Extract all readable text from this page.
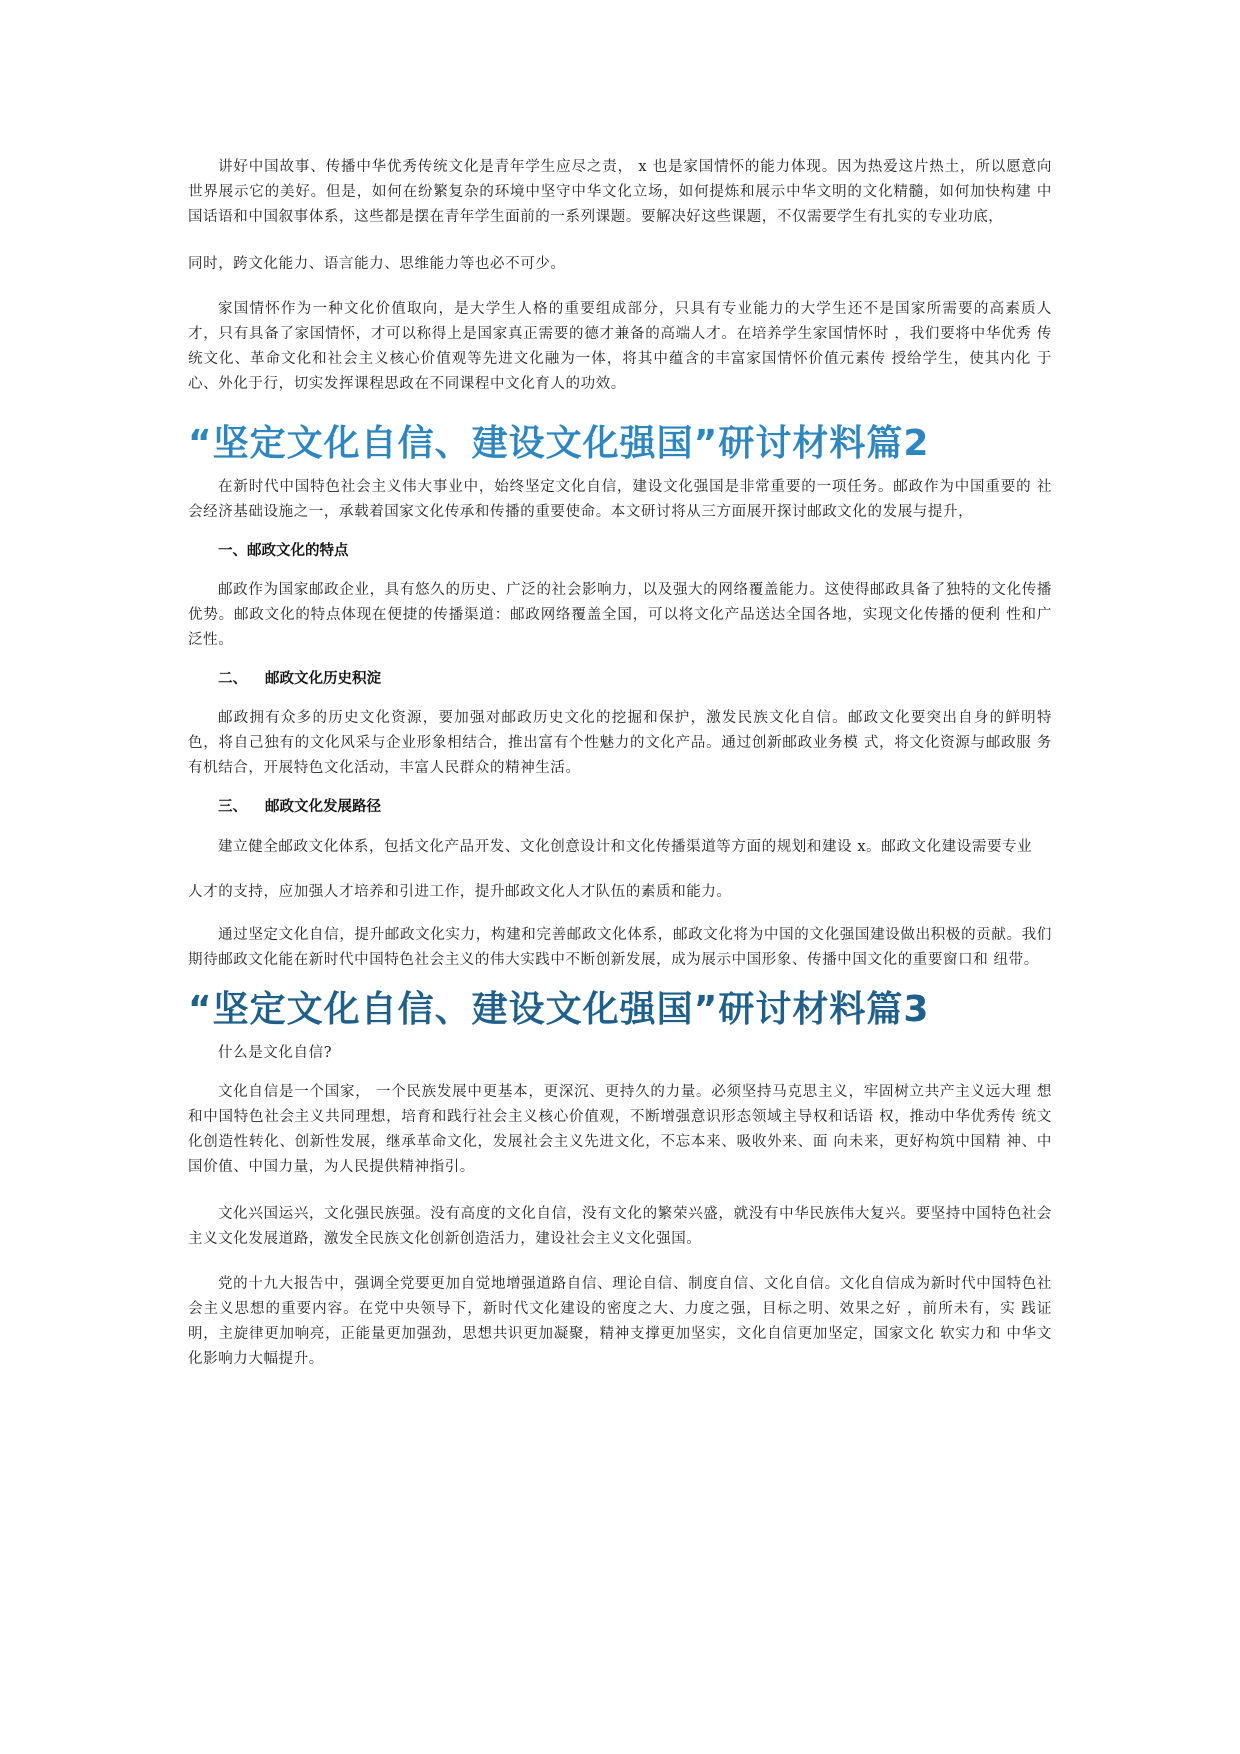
讲好中国故事、传播中华优秀传统文化是青年学生应尽之责， x 也是家国情怀的能力体现。因为热爱这片热土，所以愿意向 世界展示它的美好。但是，如何在纷繁复杂的环境中坚守中华文化立场，如何提炼和展示中华文明的文化精髓，如何加快构建 中国话语和中国叙事体系，这些都是摆在青年学生面前的一系列课题。要解决好这些课题，不仅需要学生有扎实的专业功底，

同时，跨文化能力、语言能力、思维能力等也必不可少。

家国情怀作为一种文化价值取向，是大学生人格的重要组成部分，只具有专业能力的大学生还不是国家所需要的高素质人 才，只有具备了家国情怀，才可以称得上是国家真正需要的德才兼备的高端人才。在培养学生家国情怀时 ，我们要将中华优秀 传统文化、革命文化和社会主义核心价值观等先进文化融为一体，将其中蕴含的丰富家国情怀价值元素传 授给学生，使其内化 于心、外化于行，切实发挥课程思政在不同课程中文化育人的功效。

“坚定文化自信、建设文化强国”研讨材料篇2

在新时代中国特色社会主义伟大事业中，始终坚定文化自信，建设文化强国是非常重要的一项任务。邮政作为中国重要的 社会经济基础设施之一，承载着国家文化传承和传播的重要使命。本文研讨将从三方面展开探讨邮政文化的发展与提升，

一、邮政文化的特点

邮政作为国家邮政企业，具有悠久的历史、广泛的社会影响力，以及强大的网络覆盖能力。这使得邮政具备了独特的文化传播优势。邮政文化的特点体现在便捷的传播渠道：邮政网络覆盖全国，可以将文化产品送达全国各地，实现文化传播的便利 性和广泛性。

二、 邮政文化历史积淀

邮政拥有众多的历史文化资源，要加强对邮政历史文化的挖掘和保护，激发民族文化自信。邮政文化要突出自身的鲜明特 色，将自己独有的文化风采与企业形象相结合，推出富有个性魅力的文化产品。通过创新邮政业务模 式，将文化资源与邮政服 务有机结合，开展特色文化活动，丰富人民群众的精神生活。

三、 邮政文化发展路径

建立健全邮政文化体系，包括文化产品开发、文化创意设计和文化传播渠道等方面的规划和建设 x。邮政文化建设需要专业

人才的支持，应加强人才培养和引进工作，提升邮政文化人才队伍的素质和能力。

通过坚定文化自信，提升邮政文化实力，构建和完善邮政文化体系，邮政文化将为中国的文化强国建设做出积极的贡献。我们期待邮政文化能在新时代中国特色社会主义的伟大实践中不断创新发展，成为展示中国形象、传播中国文化的重要窗口和 纽带。

“坚定文化自信、建设文化强国”研讨材料篇3

什么是文化自信?

文化自信是一个国家， 一个民族发展中更基本，更深沉、更持久的力量。必须坚持马克思主义，牢固树立共产主义远大理 想和中国特色社会主义共同理想，培育和践行社会主义核心价值观，不断增强意识形态领域主导权和话语 权，推动中华优秀传 统文化创造性转化、创新性发展，继承革命文化，发展社会主义先进文化，不忘本来、吸收外来、面 向未来，更好构筑中国精 神、中国价值、中国力量，为人民提供精神指引。

文化兴国运兴，文化强民族强。没有高度的文化自信，没有文化的繁荣兴盛，就没有中华民族伟大复兴。要坚持中国特色社会主义文化发展道路，激发全民族文化创新创造活力，建设社会主义文化强国。

党的十九大报告中，强调全党要更加自觉地增强道路自信、理论自信、制度自信、文化自信。文化自信成为新时代中国特色社会主义思想的重要内容。在党中央领导下，新时代文化建设的密度之大、力度之强，目标之明、效果之好 ，前所未有，实 践证明，主旋律更加响亮，正能量更加强劲，思想共识更加凝聚，精神支撑更加坚实，文化自信更加坚定，国家文化 软实力和 中华文化影响力大幅提升。
